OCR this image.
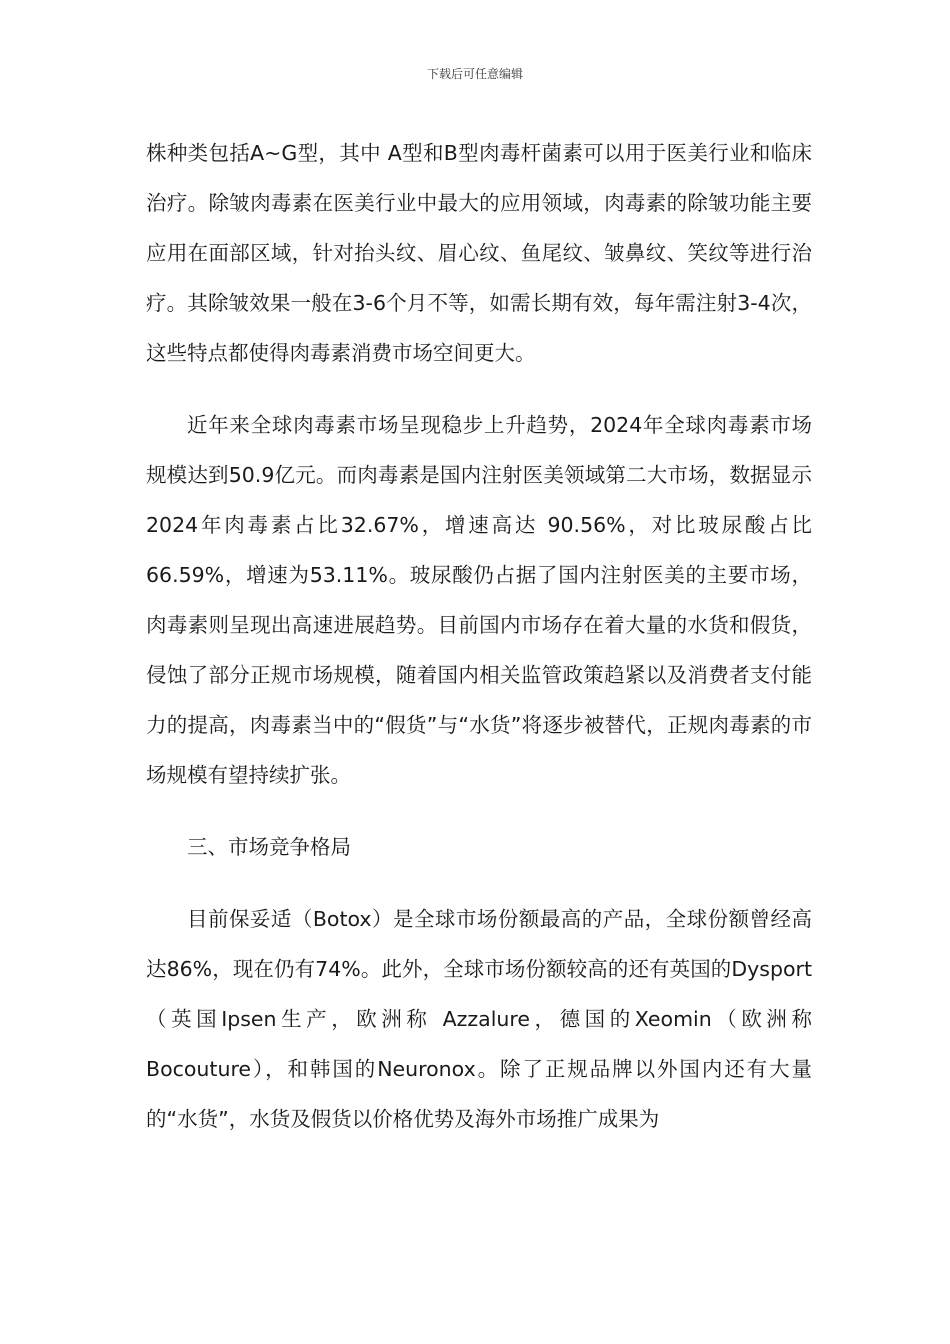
下载后可任意编辑

株种类包括A~G型，其中 A型和B型肉毒杆菌素可以用于医美行业和临床治疗。除皱肉毒素在医美行业中最大的应用领域，肉毒素的除皱功能主要应用在面部区域，针对抬头纹、眉心纹、鱼尾纹、皱鼻纹、笑纹等进行治疗。其除皱效果一般在3-6个月不等，如需长期有效，每年需注射3-4次，这些特点都使得肉毒素消费市场空间更大。

近年来全球肉毒素市场呈现稳步上升趋势，2024年全球肉毒素市场规模达到50.9亿元。而肉毒素是国内注射医美领域第二大市场，数据显示2024年肉毒素占比32.67%，增速高达 90.56%，对比玻尿酸占比66.59%，增速为53.11%。玻尿酸仍占据了国内注射医美的主要市场，肉毒素则呈现出高速进展趋势。目前国内市场存在着大量的水货和假货，侵蚀了部分正规市场规模，随着国内相关监管政策趋紧以及消费者支付能力的提高，肉毒素当中的“假货”与“水货”将逐步被替代，正规肉毒素的市场规模有望持续扩张。

三、市场竞争格局

目前保妥适（Botox）是全球市场份额最高的产品，全球份额曾经高达86%，现在仍有74%。此外，全球市场份额较高的还有英国的Dysport（英国Ipsen生产，欧洲称 Azzalure，德国的Xeomin（欧洲称Bocouture），和韩国的Neuronox。除了正规品牌以外国内还有大量的“水货”，水货及假货以价格优势及海外市场推广成果为
